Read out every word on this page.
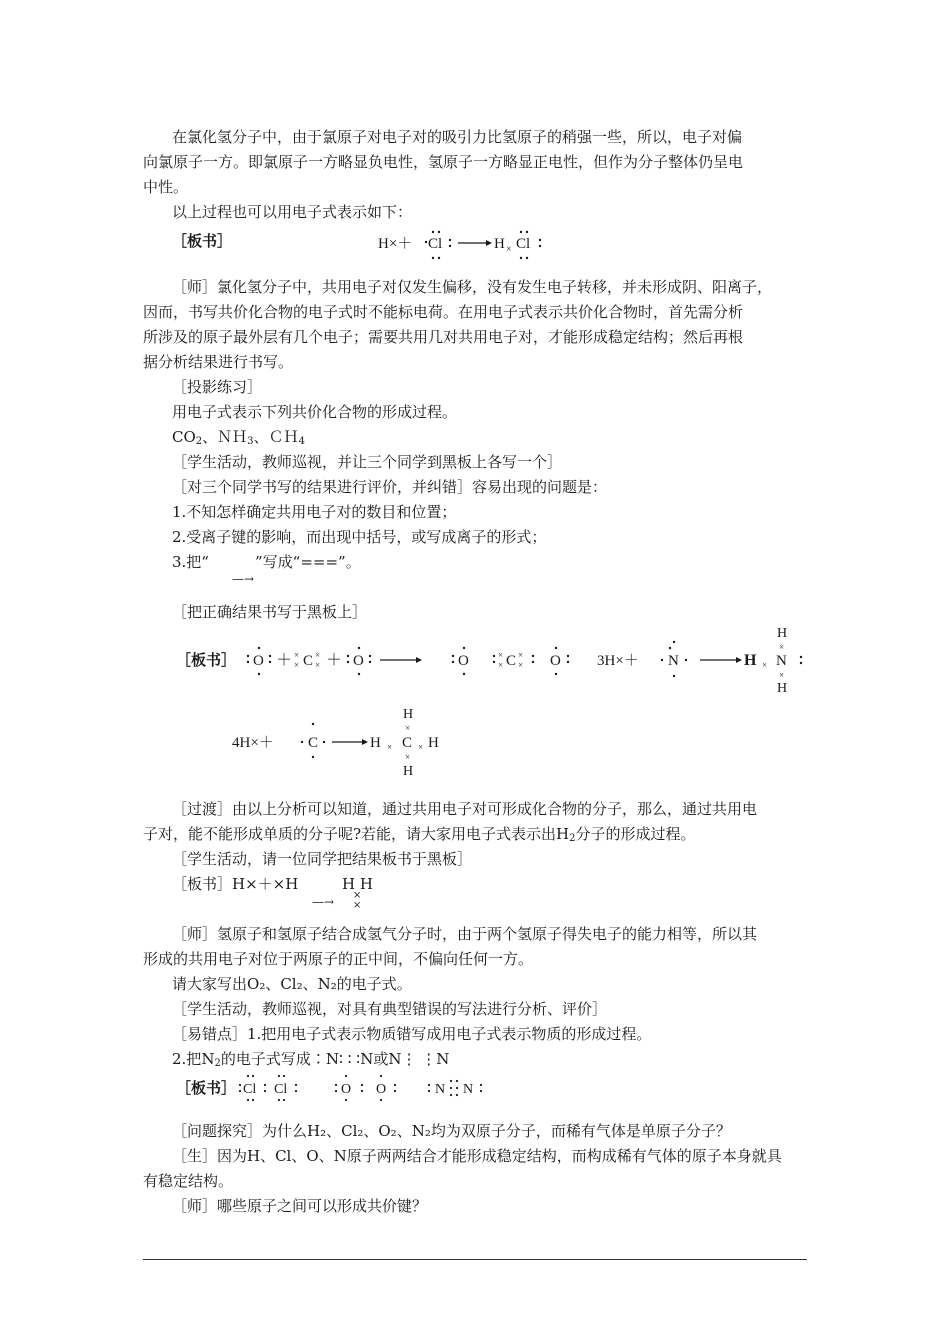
在氯化氢分子中，由于氯原子对电子对的吸引力比氢原子的稍强一些，所以，电子对偏
向氯原子一方。即氯原子一方略显负电性，氢原子一方略显正电性，但作为分子整体仍呈电
中性。
以上过程也可以用电子式表示如下：
［板书］	H×＋ Cl	H × Cl
［师］氯化氢分子中，共用电子对仅发生偏移，没有发生电子转移，并未形成阴、阳离子，
因而，书写共价化合物的电子式时不能标电荷。在用电子式表示共价化合物时，首先需分析
所涉及的原子最外层有几个电子；需要共用几对共用电子对，才能形成稳定结构；然后再根
据分析结果进行书写。
［投影练习］
用电子式表示下列共价化合物的形成过程。
$CO_2$、ＮＨ$_3$、ＣＨ$_4$
［学生活动，教师巡视，并让三个同学到黑板上各写一个］
［对三个同学书写的结果进行评价，并纠错］容易出现的问题是：
1.不知怎样确定共用电子对的数目和位置；
2.受离子键的影响，而出现中括号，或写成离子的形式；
3.把“	”写成“===”。
—→
［把正确结果书写于黑板上］
［板书］ O ＋ ×
× C ×
× ＋ O	O	×
× C ×
× O 3H×＋ N	H ×
H
×
N
×
H
4H×＋ C	H ×
H
×
C
×
H
× H
［过渡］由以上分析可以知道，通过共用电子对可形成化合物的分子，那么，通过共用电
子对，能不能形成单质的分子呢?若能，请大家用电子式表示出$H_2$分子的形成过程。
［学生活动，请一位同学把结果板书于黑板］
［板书］H×＋×H
—→
H H
×
×
［师］氢原子和氢原子结合成氢气分子时，由于两个氢原子得失电子的能力相等，所以其
形成的共用电子对位于两原子的正中间，不偏向任何一方。
请大家写出O₂、Cl₂、N₂的电子式。
［学生活动，教师巡视，对具有典型错误的写法进行分析、评价］
［易错点］1.把用电子式表示物质错写成用电子式表示物质的形成过程。
2.把$N_2$的电子式写成∶N∶ ∶ ∶N或N⋮ ⋮N
［板书］ Cl Cl	O O	N N
［问题探究］为什么H₂、Cl₂、O₂、N₂均为双原子分子，而稀有气体是单原子分子？
［生］因为H、Cl、O、N原子两两结合才能形成稳定结构，而构成稀有气体的原子本身就具
有稳定结构。
［师］哪些原子之间可以形成共价键？
